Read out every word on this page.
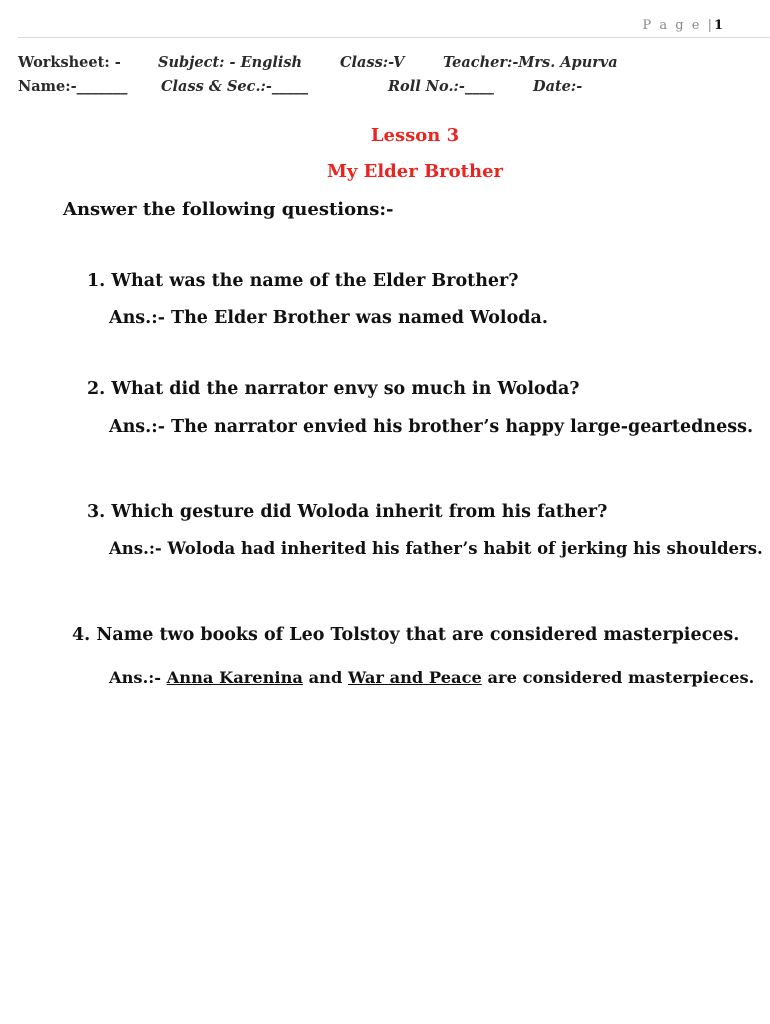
P a g e |1
Worksheet: -	Subject: - English	Class:-V	Teacher:-Mrs. Apurva
Name:-_______ Class & Sec.:-_____	Roll No.:-____	Date:-
Lesson 3
My Elder Brother
Answer the following questions:-
1. What was the name of the Elder Brother?
Ans.:- The Elder Brother was named Woloda.
2. What did the narrator envy so much in Woloda?
Ans.:- The narrator envied his brother’s happy large-geartedness.
3. Which gesture did Woloda inherit from his father?
Ans.:- Woloda had inherited his father’s habit of jerking his shoulders.
4. Name two books of Leo Tolstoy that are considered masterpieces.
Ans.:- Anna Karenina and War and Peace are considered masterpieces.
